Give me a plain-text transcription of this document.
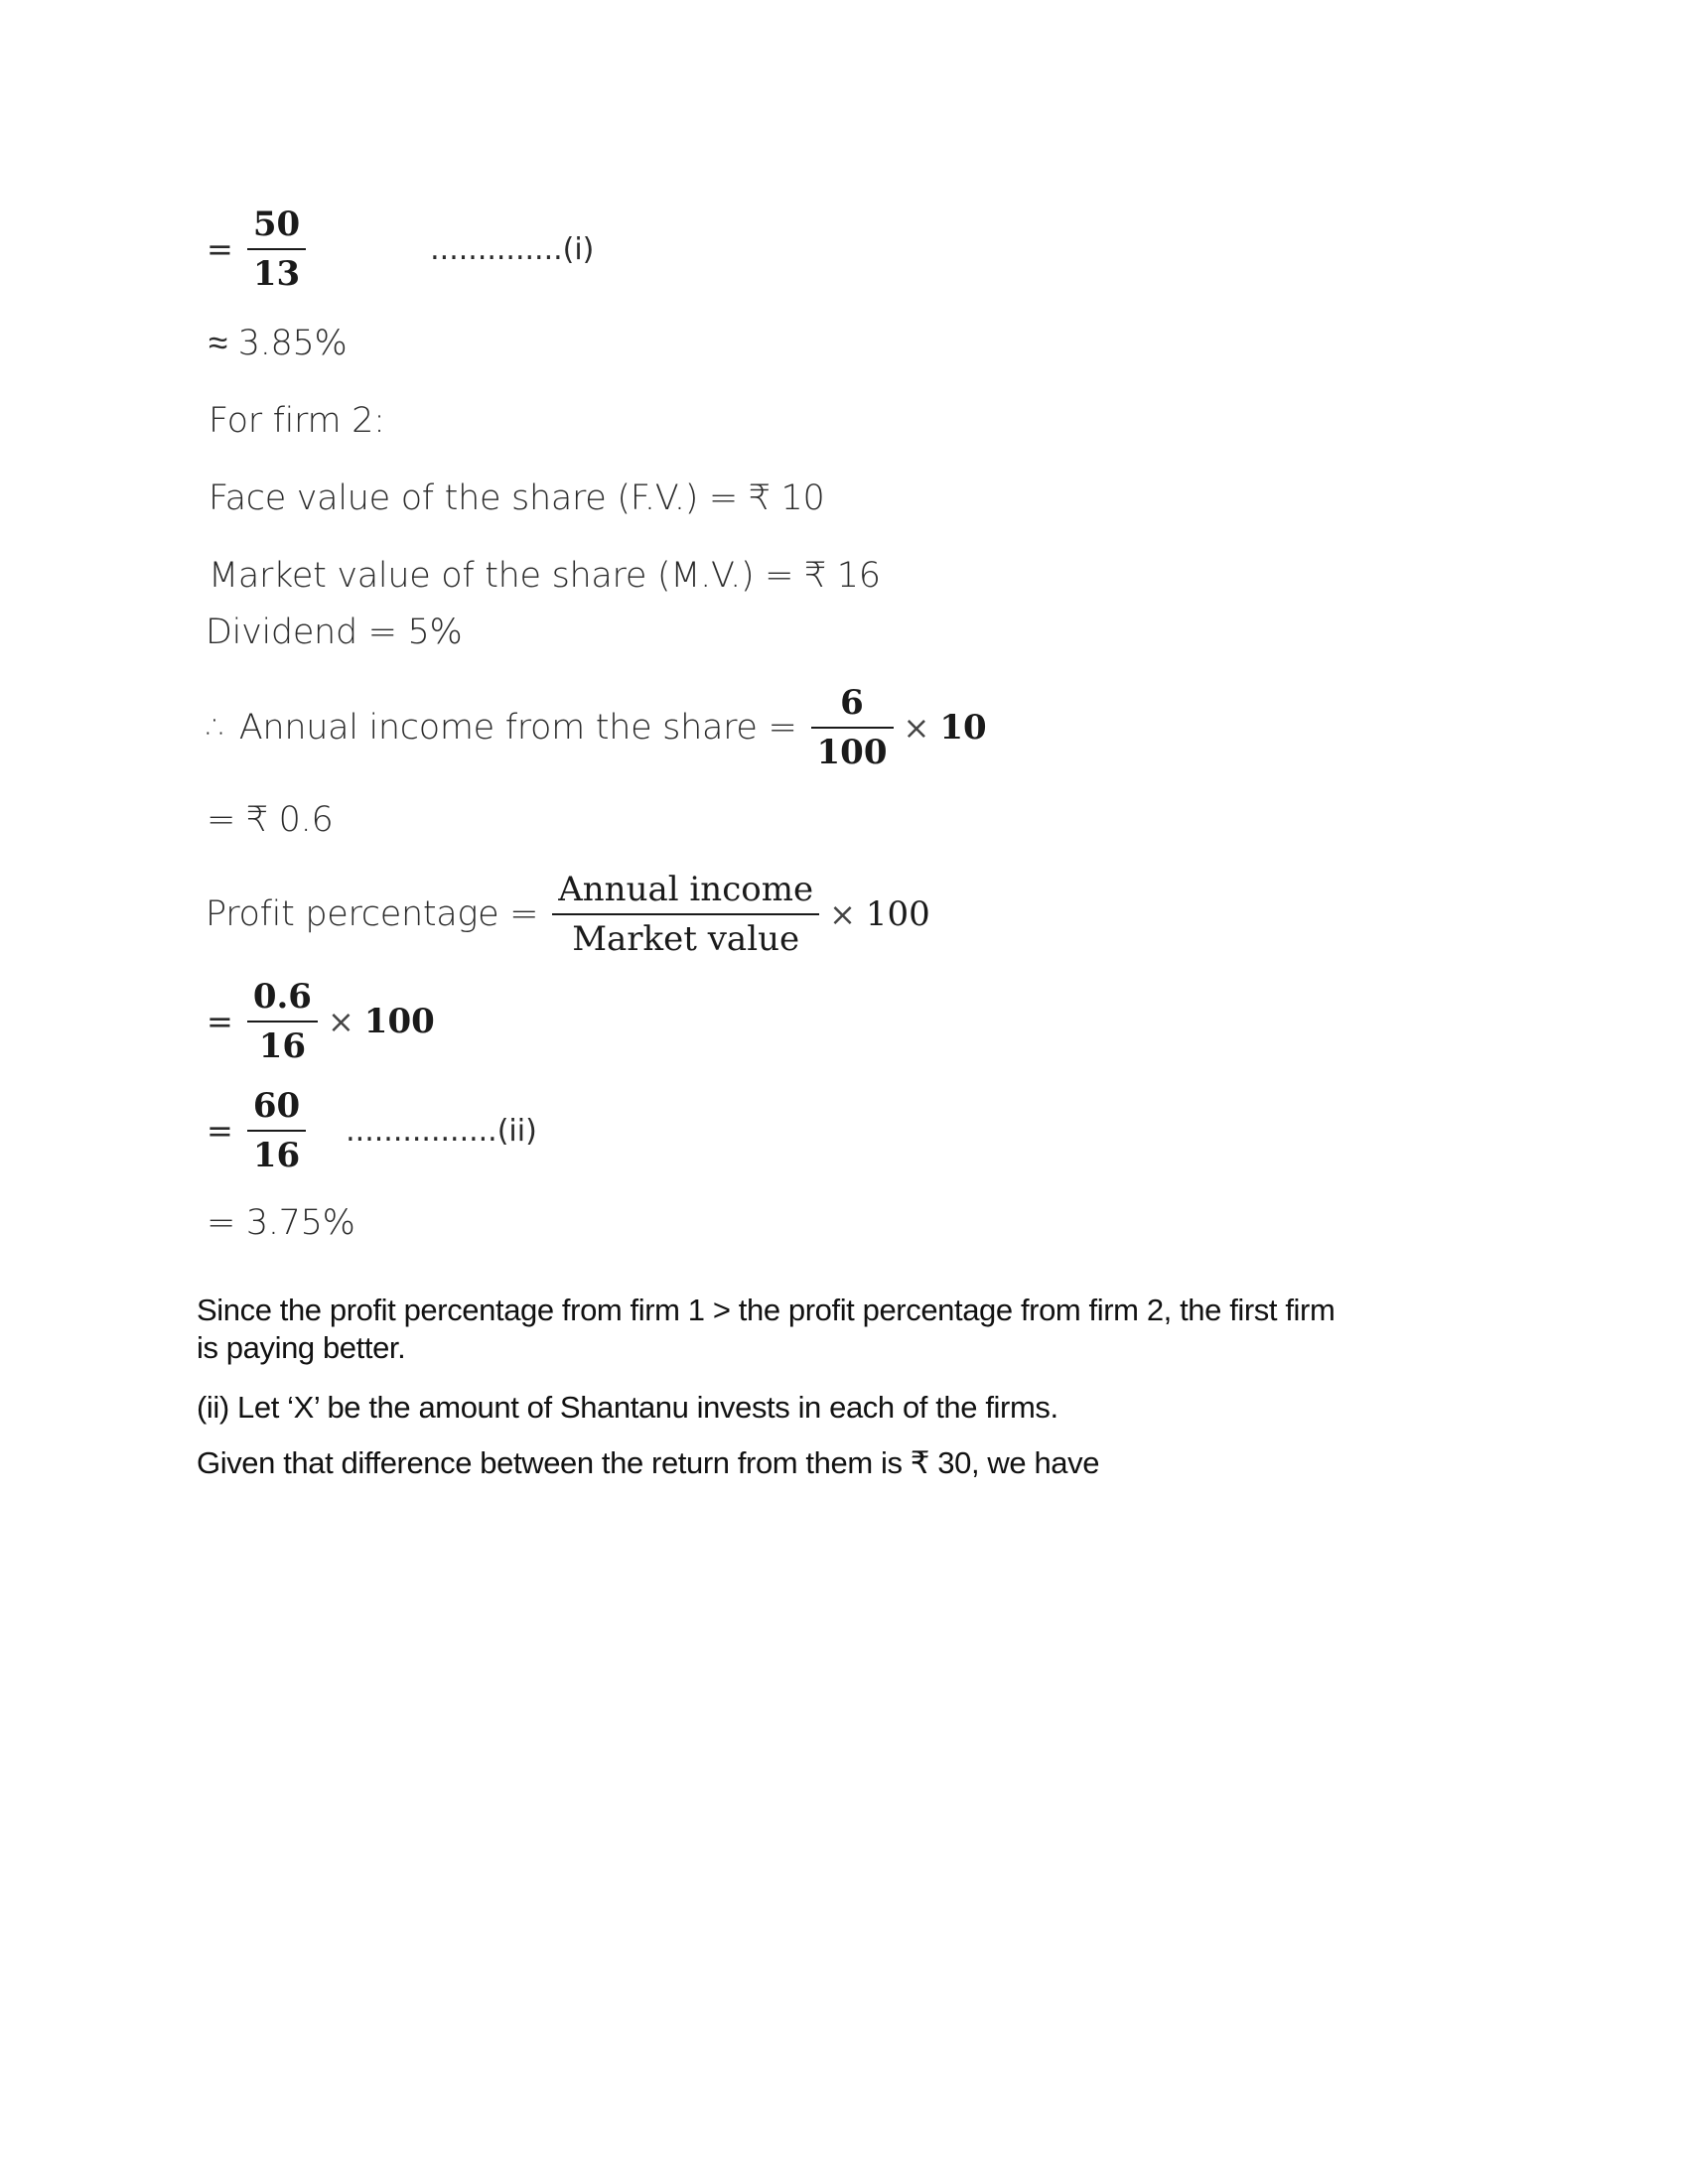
= $\frac{50}{13}$	..............(i)
≈ 3.85%
For firm 2:
Face value of the share (F.V.) = ₹ 10
Market value of the share (M.V.) = ₹ 16
Dividend = 5%
∴ Annual income from the share = $\frac{6}{100} \times 10$
= ₹ 0.6
Profit percentage = $\frac{\text{Annual income}}{\text{Market value}} \times 100$
= $\frac{0.6}{16} \times 100$
= $\frac{60}{16} ................(ii)$
= 3.75%
Since the profit percentage from firm 1 > the profit percentage from firm 2, the first firm
is paying better.
(ii) Let ‘X’ be the amount of Shantanu invests in each of the firms.
Given that difference between the return from them is ₹ 30, we have
